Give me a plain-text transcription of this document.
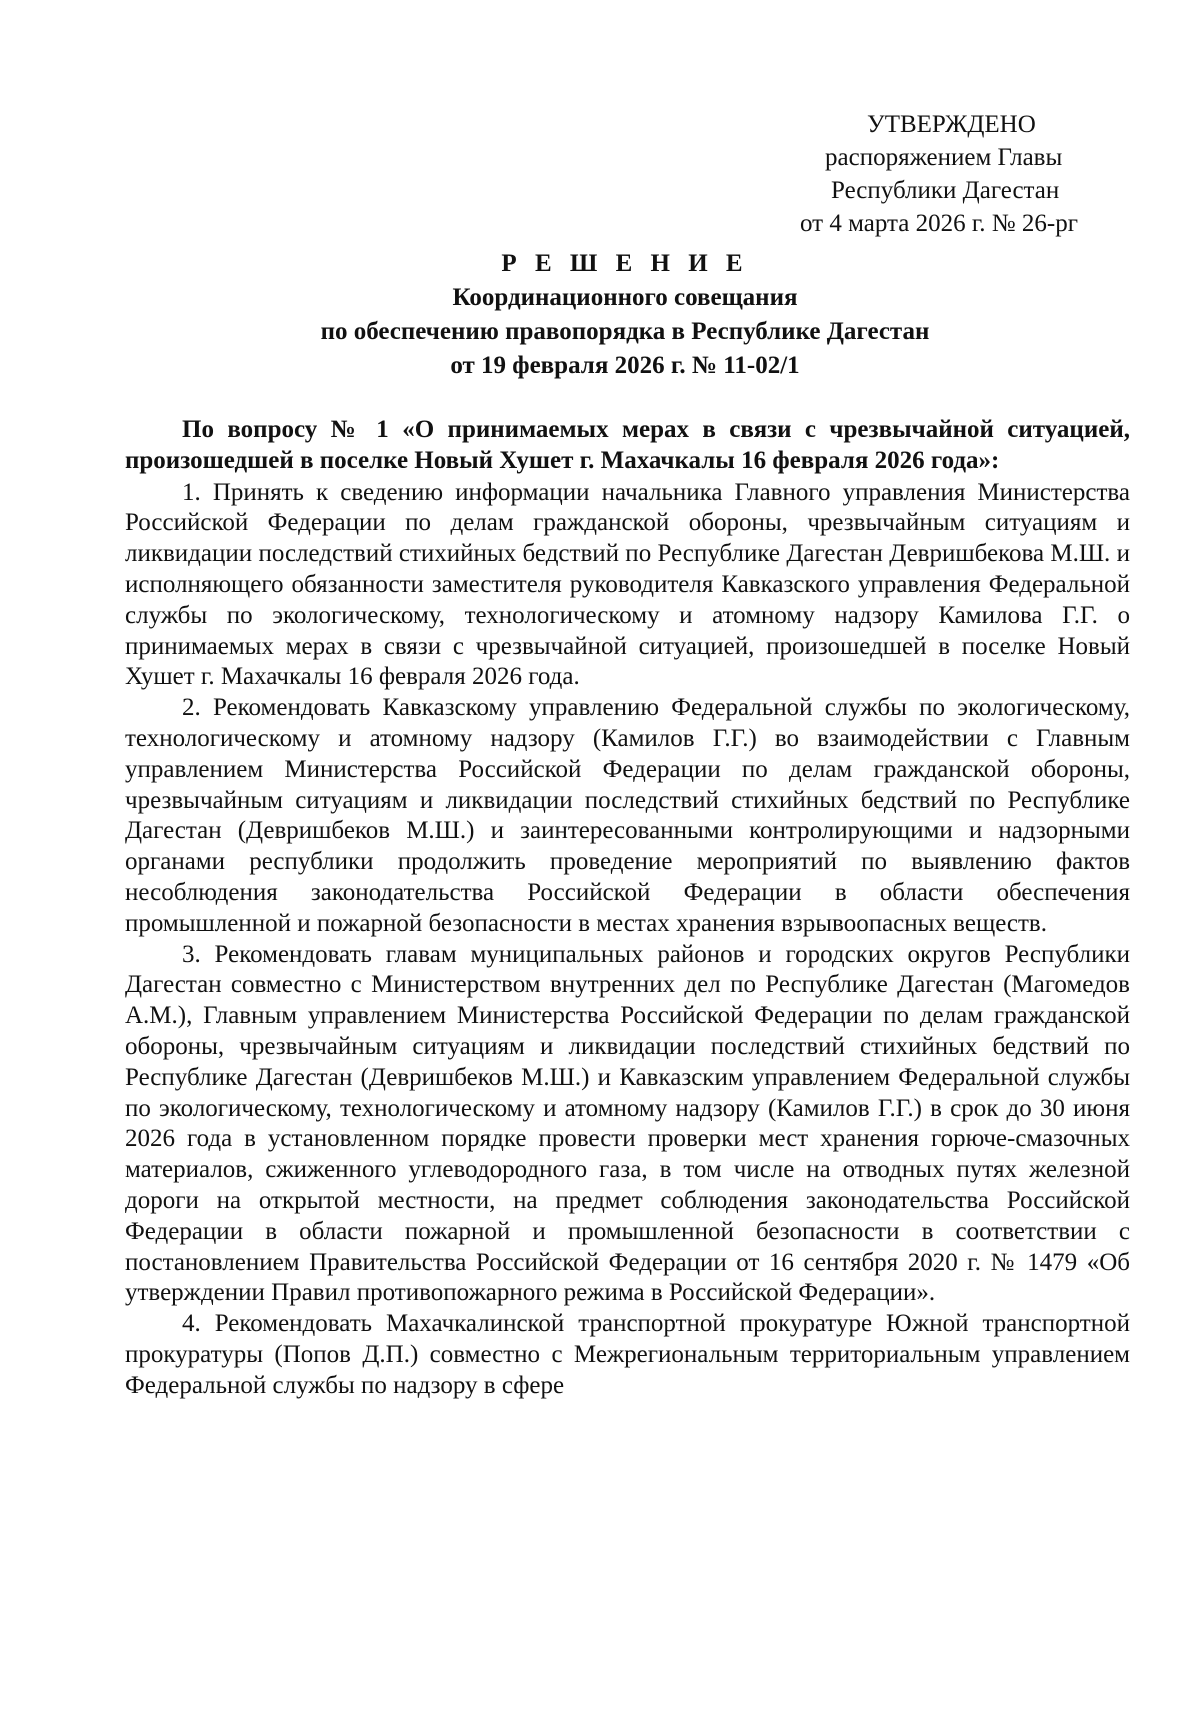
УТВЕРЖДЕНО
распоряжением Главы
Республики Дагестан
от 4 марта 2026 г. № 26-рг
Р Е Ш Е Н И Е
Координационного совещания
по обеспечению правопорядка в Республике Дагестан
от 19 февраля 2026 г. № 11-02/1

По вопросу № 1 «О принимаемых мерах в связи с чрезвычайной ситуацией, произошедшей в поселке Новый Хушет г. Махачкалы 16 февраля 2026 года»:

1. Принять к сведению информации начальника Главного управления Министерства Российской Федерации по делам гражданской обороны, чрезвычайным ситуациям и ликвидации последствий стихийных бедствий по Республике Дагестан Девришбекова М.Ш. и исполняющего обязанности заместителя руководителя Кавказского управления Федеральной службы по экологическому, технологическому и атомному надзору Камилова Г.Г. о принимаемых мерах в связи с чрезвычайной ситуацией, произошедшей в поселке Новый Хушет г. Махачкалы 16 февраля 2026 года.

2. Рекомендовать Кавказскому управлению Федеральной службы по экологическому, технологическому и атомному надзору (Камилов Г.Г.) во взаимодействии с Главным управлением Министерства Российской Федерации по делам гражданской обороны, чрезвычайным ситуациям и ликвидации последствий стихийных бедствий по Республике Дагестан (Девришбеков М.Ш.) и заинтересованными контролирующими и надзорными органами республики продолжить проведение мероприятий по выявлению фактов несоблюдения законодательства Российской Федерации в области обеспечения промышленной и пожарной безопасности в местах хранения взрывоопасных веществ.

3. Рекомендовать главам муниципальных районов и городских округов Республики Дагестан совместно с Министерством внутренних дел по Республике Дагестан (Магомедов А.М.), Главным управлением Министерства Российской Федерации по делам гражданской обороны, чрезвычайным ситуациям и ликвидации последствий стихийных бедствий по Республике Дагестан (Девришбеков М.Ш.) и Кавказским управлением Федеральной службы по экологическому, технологическому и атомному надзору (Камилов Г.Г.) в срок до 30 июня 2026 года в установленном порядке провести проверки мест хранения горюче-смазочных материалов, сжиженного углеводородного газа, в том числе на отводных путях железной дороги на открытой местности, на предмет соблюдения законодательства Российской Федерации в области пожарной и промышленной безопасности в соответствии с постановлением Правительства Российской Федерации от 16 сентября 2020 г. № 1479 «Об утверждении Правил противопожарного режима в Российской Федерации».

4. Рекомендовать Махачкалинской транспортной прокуратуре Южной транспортной прокуратуры (Попов Д.П.) совместно с Межрегиональным территориальным управлением Федеральной службы по надзору в сфере
